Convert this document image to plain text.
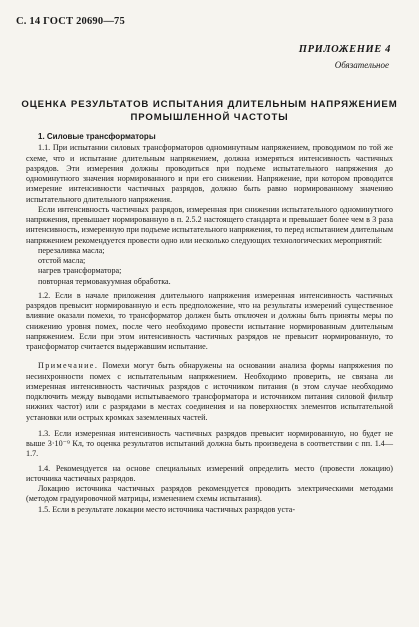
С. 14 ГОСТ 20690—75
ПРИЛОЖЕНИЕ 4
Обязательное
ОЦЕНКА РЕЗУЛЬТАТОВ ИСПЫТАНИЯ ДЛИТЕЛЬНЫМ НАПРЯЖЕНИЕМ
ПРОМЫШЛЕННОЙ ЧАСТОТЫ

1. Силовые трансформаторы

1.1. При испытании силовых трансформаторов одноминутным напряжением, проводимом по той же схеме, что и испытание длительным напряжением, должна измеряться интенсивность частичных разрядов. Эти измерения должны проводиться при подъеме испытательного напряжения до одноминутного значения нормированного и при его снижении. Напряжение, при котором проводится измерение интенсивности частичных разрядов, должно быть равно нормированному значению испытательного длительного напряжения.

Если интенсивность частичных разрядов, измеренная при снижении испытательного одноминутного напряжения, превышает нормированную в п. 2.5.2 настоящего стандарта и превышает более чем в 3 раза интенсивность, измеренную при подъеме испытательного напряжения, то перед испытанием длительным напряжением рекомендуется провести одно или несколько следующих технологических мероприятий:

перезаливка масла;

отстой масла;

нагрев трансформатора;

повторная термовакуумная обработка.

1.2. Если в начале приложения длительного напряжения измеренная интенсивность частичных разрядов превысит нормированную и есть предположение, что на результаты измерений существенное влияние оказали помехи, то трансформатор должен быть отключен и должны быть приняты меры по снижению уровня помех, после чего необходимо провести испытание нормированным длительным напряжением. Если при этом интенсивность частичных разрядов не превысит нормированную, то трансформатор считается выдержавшим испытание.

Примечание. Помехи могут быть обнаружены на основании анализа формы напряжения по несинхронности помех с испытательным напряжением. Необходимо проверить, не связана ли измеренная интенсивность частичных разрядов с источником питания (в этом случае необходимо подключить между выводами испытываемого трансформатора и источником питания силовой фильтр нижних частот) или с разрядами в местах соединения и на поверхностях элементов испытательной установки или острых кромках заземленных частей.

1.3. Если измеренная интенсивность частичных разрядов превысит нормированную, но будет не выше 3·10⁻⁹ Кл, то оценка результатов испытаний должна быть произведена в соответствии с пп. 1.4—1.7.

1.4. Рекомендуется на основе специальных измерений определить место (провести локацию) источника частичных разрядов.

Локацию источника частичных разрядов рекомендуется проводить электрическими методами (методом градуировочной матрицы, изменением схемы испытания).

1.5. Если в результате локации место источника частичных разрядов уста-
